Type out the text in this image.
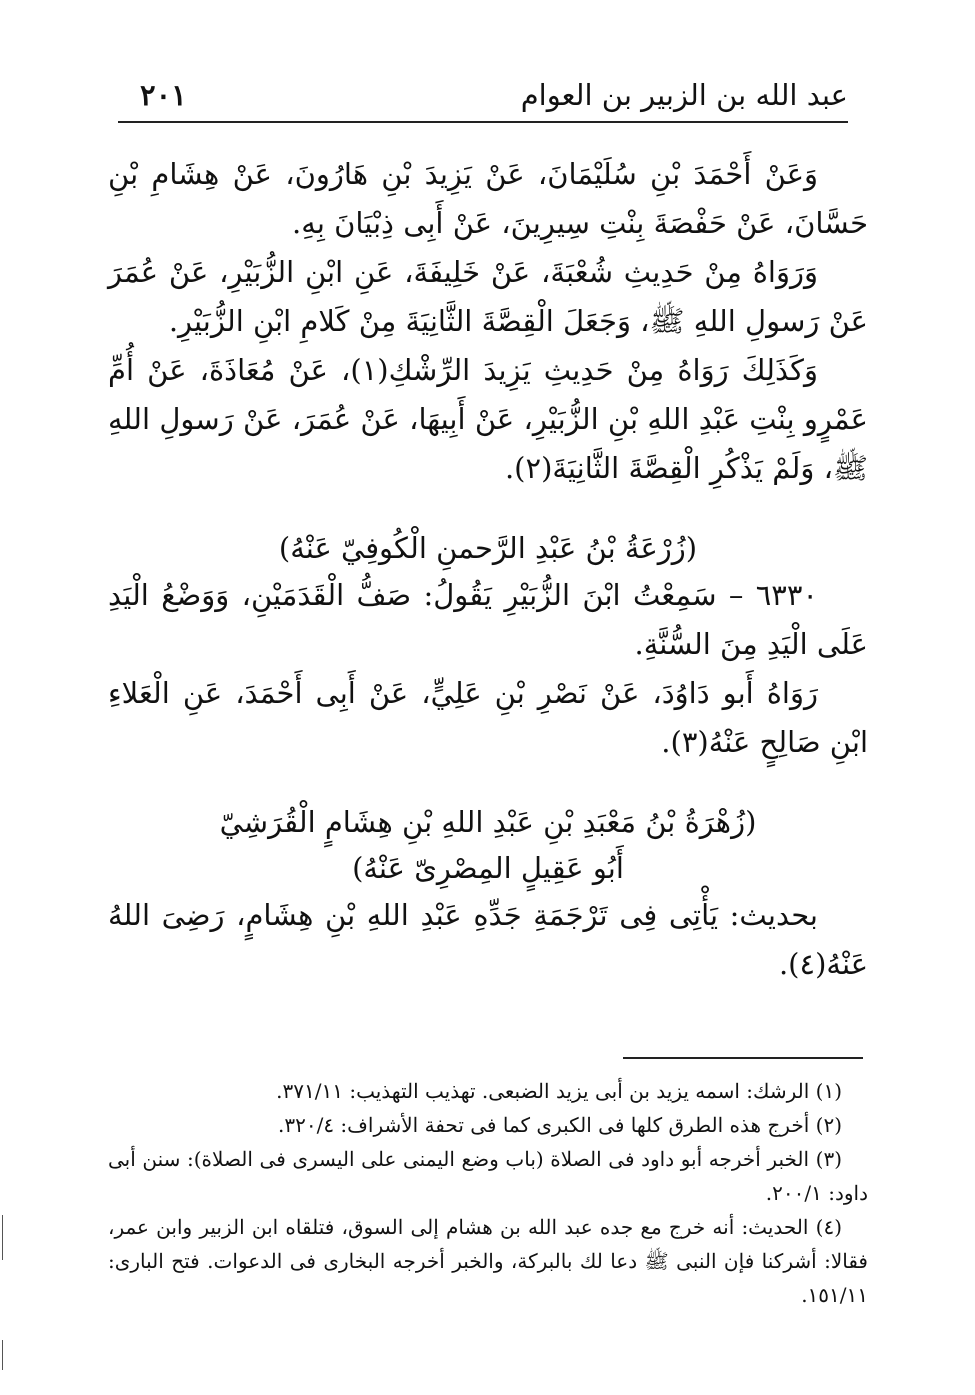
عبد الله بن الزبير بن العوام
٢٠١

وَعَنْ أَحْمَدَ بْنِ سُلَيْمَانَ، عَنْ يَزِيدَ بْنِ هَارُونَ، عَنْ هِشَامِ بْنِ حَسَّانَ، عَنْ حَفْصَةَ بِنْتِ سِيرِينَ، عَنْ أَبِى ذِبْيَانَ بِهِ.

وَرَوَاهُ مِنْ حَدِيثِ شُعْبَةَ، عَنْ خَلِيفَةَ، عَنِ ابْنِ الزُّبَيْرِ، عَنْ عُمَرَ عَنْ رَسولِ اللهِ ﷺ، وَجَعَلَ الْقِصَّةَ الثَّانِيَةَ مِنْ كَلامِ ابْنِ الزُّبَيْرِ.

وَكَذَلِكَ رَوَاهُ مِنْ حَدِيثِ يَزِيدَ الرِّشْكِ(١)، عَنْ مُعَاذَةَ، عَنْ أُمِّ عَمْرٍو بِنْتِ عَبْدِ اللهِ بْنِ الزُّبَيْرِ، عَنْ أَبِيهَا، عَنْ عُمَرَ، عَنْ رَسولِ اللهِ ﷺ، وَلَمْ يَذْكُرِ الْقِصَّةَ الثَّانِيَةَ(٢).

(زُرْعَةُ بْنُ عَبْدِ الرَّحمنِ الْكُوفِيّ عَنْهُ)

٦٣٣٠ – سَمِعْتُ ابْنَ الزُّبَيْرِ يَقُولُ: صَفُّ الْقَدَمَيْنِ، وَوَضْعُ الْيَدِ عَلَى الْيَدِ مِنَ السُّنَّةِ.

رَوَاهُ أَبو دَاوُدَ، عَنْ نَصْرِ بْنِ عَلِيٍّ، عَنْ أَبِى أَحْمَدَ، عَنِ الْعَلاءِ ابْنِ صَالِحٍ عَنْهُ(٣).

(زُهْرَةُ بْنُ مَعْبَدِ بْنِ عَبْدِ اللهِ بْنِ هِشَامٍ الْقُرَشِيّ

أَبُو عَقِيلٍ المِصْرِىّ عَنْهُ)

بحديث: يَأْتِى فِى تَرْجَمَةِ جَدِّهِ عَبْدِ اللهِ بْنِ هِشَامٍ، رَضِىَ اللهُ عَنْهُ(٤).

(١) الرشك: اسمه يزيد بن أبى يزيد الضبعى. تهذيب التهذيب: ٣٧١/١١.

(٢) أخرج هذه الطرق كلها فى الكبرى كما فى تحفة الأشراف: ٣٢٠/٤.

(٣) الخبر أخرجه أبو داود فى الصلاة (باب وضع اليمنى على اليسرى فى الصلاة): سنن أبى داود: ٢٠٠/١.

(٤) الحديث: أنه خرج مع جده عبد الله بن هشام إلى السوق، فتلقاه ابن الزبير وابن عمر، فقالا: أشركنا فإن النبى ﷺ دعا لك بالبركة، والخبر أخرجه البخارى فى الدعوات. فتح البارى: ١٥١/١١.
